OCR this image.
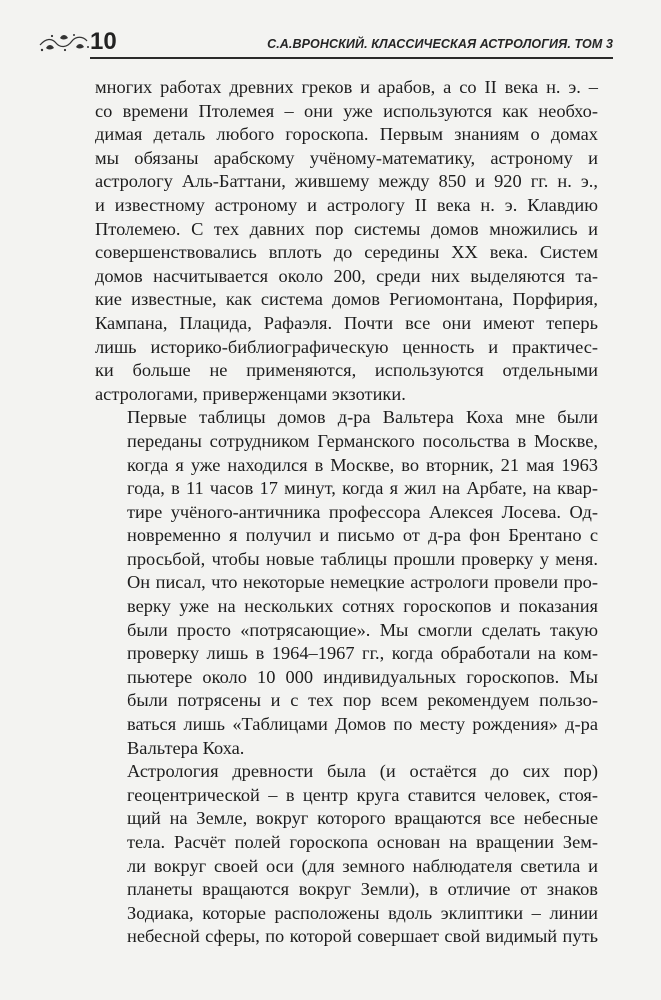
10	С.А.ВРОНСКИЙ. КЛАССИЧЕСКАЯ АСТРОЛОГИЯ. ТОМ 3

многих работах древних греков и арабов, а со II века н. э. –
со времени Птолемея – они уже используются как необхо-
димая деталь любого гороскопа. Первым знаниям о домах
мы обязаны арабскому учёному-математику, астроному и
астрологу Аль-Баттани, жившему между 850 и 920 гг. н. э.,
и известному астроному и астрологу II века н. э. Клавдию
Птолемею. С тех давних пор системы домов множились и
совершенствовались вплоть до середины XX века. Систем
домов насчитывается около 200, среди них выделяются та-
кие известные, как система домов Региомонтана, Порфирия,
Кампана, Плацида, Рафаэля. Почти все они имеют теперь
лишь историко-библиографическую ценность и практичес-
ки больше не применяются, используются отдельными
астрологами, приверженцами экзотики.

Первые таблицы домов д-ра Вальтера Коха мне были
переданы сотрудником Германского посольства в Москве,
когда я уже находился в Москве, во вторник, 21 мая 1963
года, в 11 часов 17 минут, когда я жил на Арбате, на квар-
тире учёного-античника профессора Алексея Лосева. Од-
новременно я получил и письмо от д-ра фон Брентано с
просьбой, чтобы новые таблицы прошли проверку у меня.
Он писал, что некоторые немецкие астрологи провели про-
верку уже на нескольких сотнях гороскопов и показания
были просто «потрясающие». Мы смогли сделать такую
проверку лишь в 1964–1967 гг., когда обработали на ком-
пьютере около 10 000 индивидуальных гороскопов. Мы
были потрясены и с тех пор всем рекомендуем пользо-
ваться лишь «Таблицами Домов по месту рождения» д-ра
Вальтера Коха.

Астрология древности была (и остаётся до сих пор)
геоцентрической – в центр круга ставится человек, стоя-
щий на Земле, вокруг которого вращаются все небесные
тела. Расчёт полей гороскопа основан на вращении Зем-
ли вокруг своей оси (для земного наблюдателя светила и
планеты вращаются вокруг Земли), в отличие от знаков
Зодиака, которые расположены вдоль эклиптики – линии
небесной сферы, по которой совершает свой видимый путь
